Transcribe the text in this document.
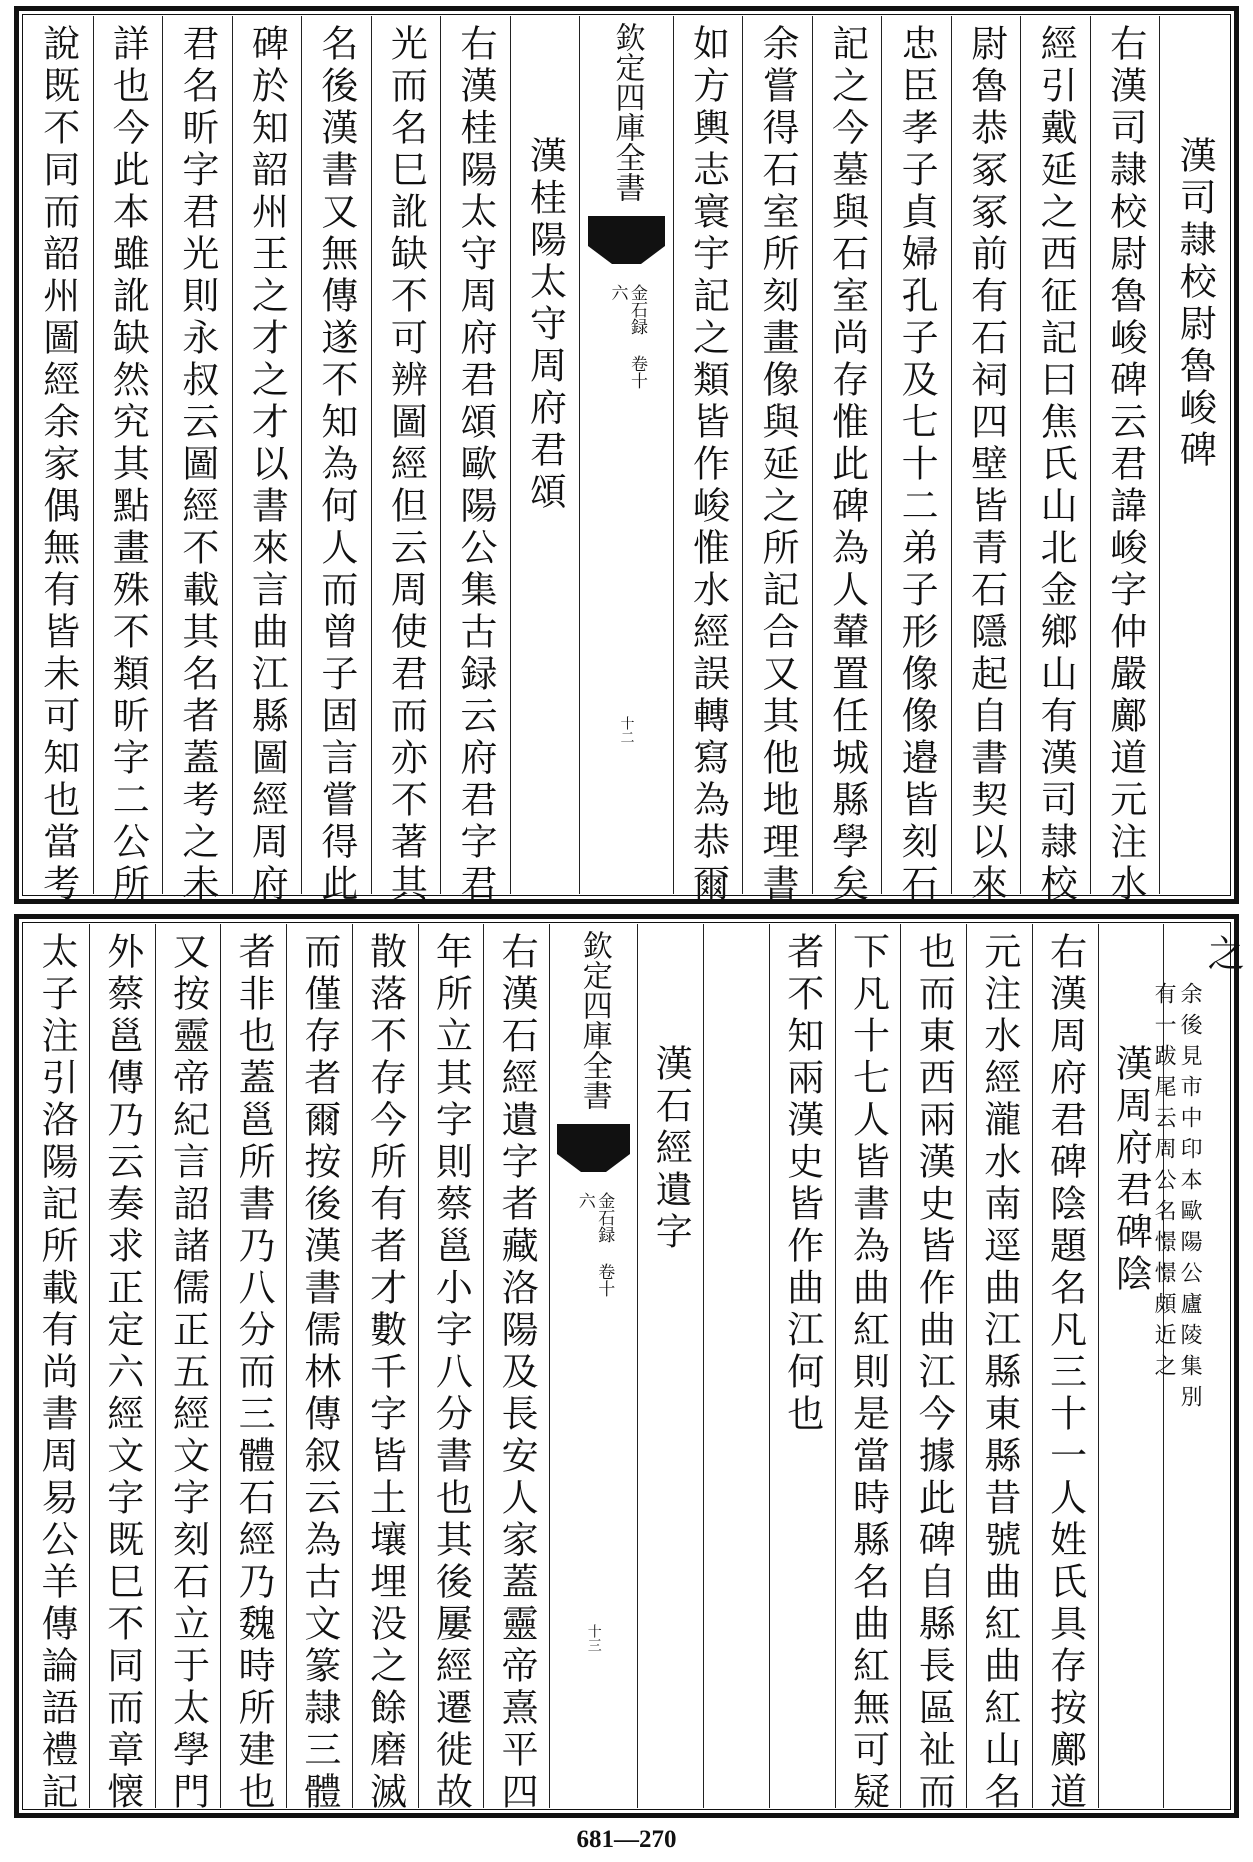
漢司隷校尉魯峻碑
右漢司隷校尉魯峻碑云君諱峻字仲嚴鄺道元注水
經引戴延之西征記曰焦氏山北金鄉山有漢司隷校
尉魯恭冢冢前有石祠四壁皆青石隱起自書契以來
忠臣孝子貞婦孔子及七十二弟子形像像邉皆刻石
記之今墓與石室尚存惟此碑為人輦置任城縣學矣
余嘗得石室所刻畫像與延之所記合又其他地理書
如方輿志寰宇記之類皆作峻惟水經誤轉寫為恭爾
欽定四庫全書
金石録 卷十六
十二
漢桂陽太守周府君頌
右漢桂陽太守周府君頌歐陽公集古録云府君字君
光而名巳訛缺不可辨圖經但云周使君而亦不著其
名後漢書又無傳遂不知為何人而曾子固言嘗得此
碑於知韶州王之才之才以書來言曲江縣圖經周府
君名昕字君光則永叔云圖經不載其名者蓋考之未
詳也今此本雖訛缺然究其點畫殊不類昕字二公所
說既不同而韶州圖經余家偶無有皆未可知也當考
之
余後見市中印本歐陽公廬陵集別
有一跋尾云周公名憬憬頗近之
漢周府君碑陰
右漢周府君碑陰題名凡三十一人姓氏具存按鄺道
元注水經瀧水南逕曲江縣東縣昔號曲紅曲紅山名
也而東西兩漢史皆作曲江今據此碑自縣長區祉而
下凡十七人皆書為曲紅則是當時縣名曲紅無可疑
者不知兩漢史皆作曲江何也
漢石經遺字
欽定四庫全書
金石録 卷十六
十三
右漢石經遺字者藏洛陽及長安人家蓋靈帝熹平四
年所立其字則蔡邕小字八分書也其後屢經遷徙故
散落不存今所有者才數千字皆土壤埋没之餘磨滅
而僅存者爾按後漢書儒林傳叙云為古文篆隷三體
者非也蓋邕所書乃八分而三體石經乃魏時所建也
又按靈帝紀言詔諸儒正五經文字刻石立于太學門
外蔡邕傳乃云奏求正定六經文字既巳不同而章懐
太子注引洛陽記所載有尚書周易公羊傳論語禮記
681—270
